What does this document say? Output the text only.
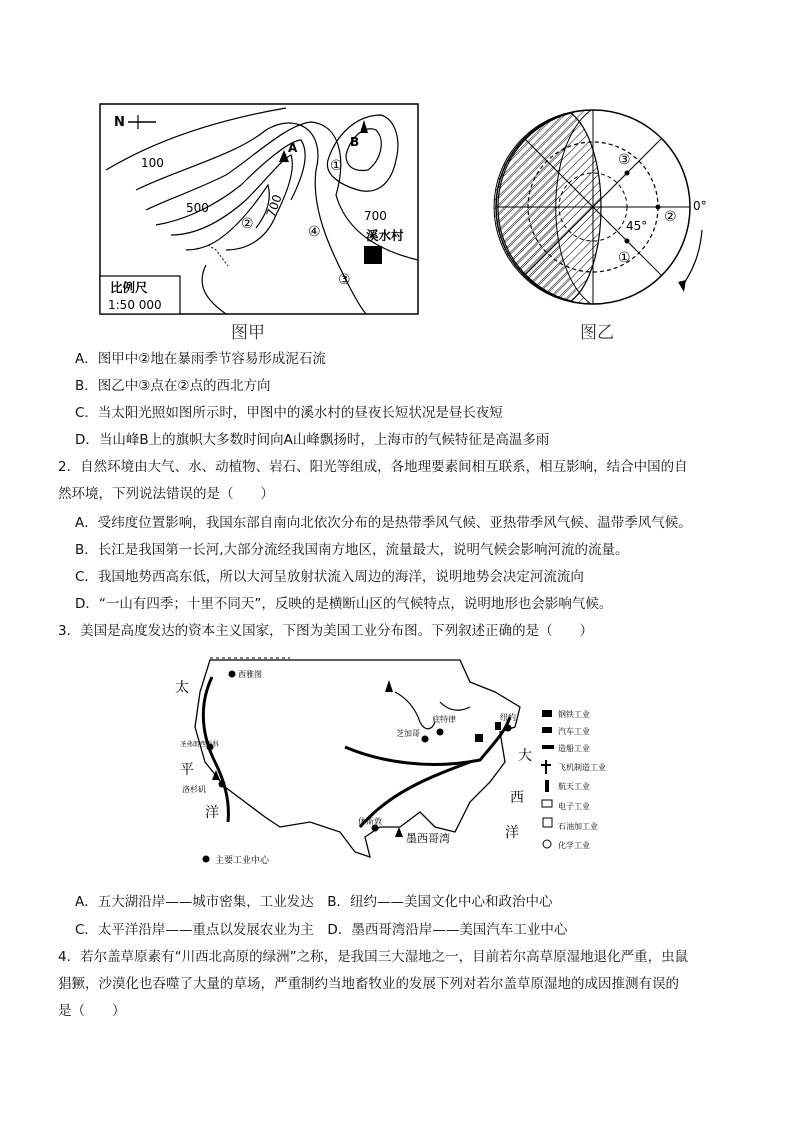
N
100
500	700	700
A	B
①
②	④
③
溪水村
比例尺
1:50 000
图甲
③
②
①
45°
0°
图乙
A．图甲中②地在暴雨季节容易形成泥石流
B．图乙中③点在②点的西北方向
C．当太阳光照如图所示时，甲图中的溪水村的昼夜长短状况是昼长夜短
D．当山峰B上的旗帜大多数时间向A山峰飘扬时，上海市的气候特征是高温多雨
2．自然环境由大气、水、动植物、岩石、阳光等组成，各地理要素间相互联系，相互影响，结合中国的自
然环境，下列说法错误的是（　　）
A．受纬度位置影响，我国东部自南向北依次分布的是热带季风气候、亚热带季风气候、温带季风气候。
B．长江是我国第一长河,大部分流经我国南方地区，流量最大，说明气候会影响河流的流量。
C．我国地势西高东低，所以大河呈放射状流入周边的海洋，说明地势会决定河流流向
D．“一山有四季；十里不同天”，反映的是横断山区的气候特点，说明地形也会影响气候。
3．美国是高度发达的资本主义国家，下图为美国工业分布图。下列叙述正确的是（　　）
西雅图
圣弗朗西斯科
洛杉矶
芝加哥
底特律	纽约
休斯敦
墨西哥湾
太
平
洋
大
西
洋
主要工业中心
钢铁工业
汽车工业
造船工业
飞机制造工业
航天工业
电子工业
石油加工业
化学工业
A．五大湖沿岸——城市密集，工业发达　B．纽约——美国文化中心和政治中心
C．太平洋沿岸——重点以发展农业为主　D．墨西哥湾沿岸——美国汽车工业中心
4．若尔盖草原素有“川西北高原的绿洲”之称，是我国三大湿地之一，目前若尔高草原湿地退化严重，虫鼠
猖獗，沙漠化也吞噬了大量的草场，严重制约当地畜牧业的发展下列对若尔盖草原湿地的成因推测有误的
是（　　）
